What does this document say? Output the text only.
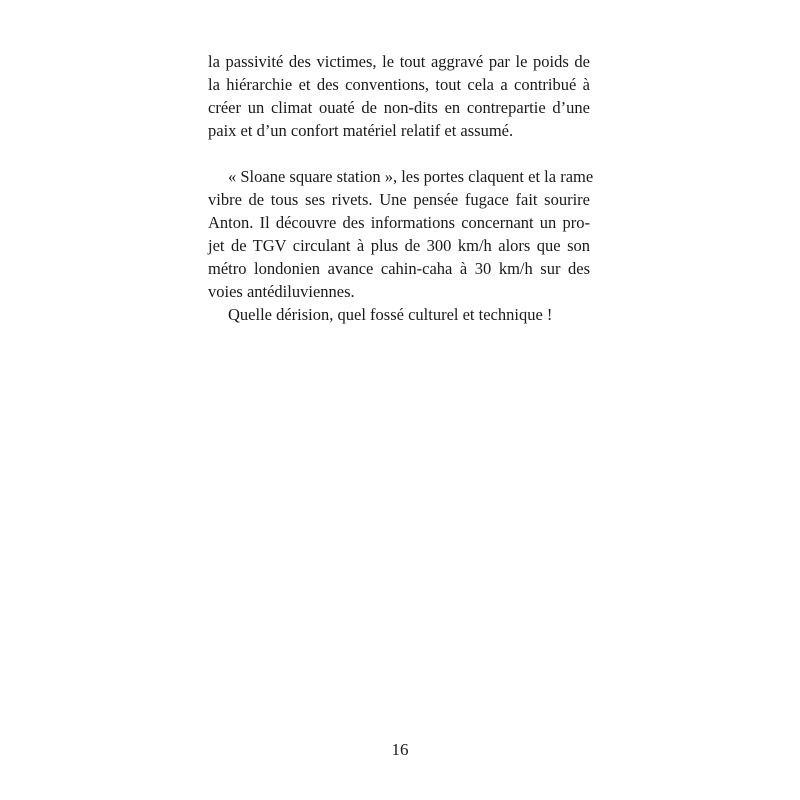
la passivité des victimes, le tout aggravé par le poids de
la hiérarchie et des conventions, tout cela a contribué à
créer un climat ouaté de non-dits en contrepartie d’une
paix et d’un confort matériel relatif et assumé.
« Sloane square station », les portes claquent et la rame
vibre de tous ses rivets. Une pensée fugace fait sourire
Anton. Il découvre des informations concernant un pro-
jet de TGV circulant à plus de 300 km/h alors que son
métro londonien avance cahin-caha à 30 km/h sur des
voies antédiluviennes.
Quelle dérision, quel fossé culturel et technique !
16
